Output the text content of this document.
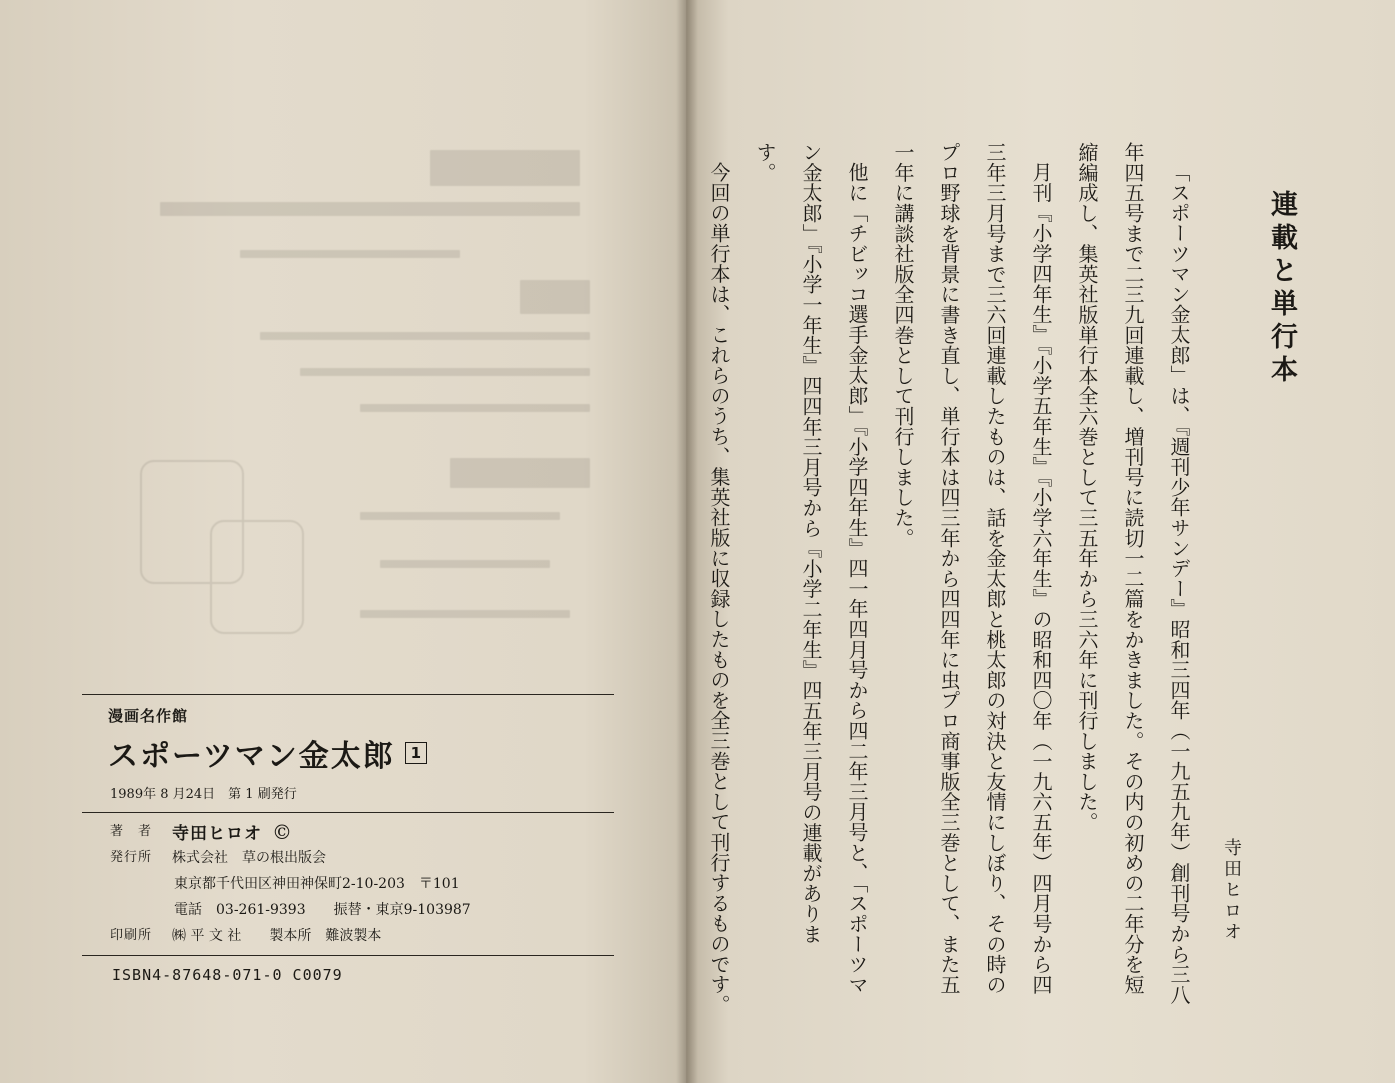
漫画名作館
スポーツマン金太郎	1
1989年 8 月24日　第 1 刷発行
著　者 寺田ヒロオ ©
発行所 株式会社　草の根出版会
東京都千代田区神田神保町2-10-203　〒101
電話　03-261-9393　　振替・東京9-103987
印刷所 ㈱ 平 文 社　　製本所　難波製本
ISBN4-87648-071-0 C0079
連載と単行本
「スポーツマン金太郎」は、『週刊少年サンデー』昭和三四年（一九五九年）創刊号から三八
年四五号まで二三九回連載し、増刊号に読切一二篇をかきました。その内の初めの二年分を短
縮編成し、集英社版単行本全六巻として三五年から三六年に刊行しました。
月刊『小学四年生』『小学五年生』『小学六年生』の昭和四〇年（一九六五年）四月号から四
三年三月号まで三六回連載したものは、話を金太郎と桃太郎の対決と友情にしぼり、その時の
プロ野球を背景に書き直し、単行本は四三年から四四年に虫プロ商事版全三巻として、また五
一年に講談社版全四巻として刊行しました。
他に「チビッコ選手金太郎」『小学四年生』四一年四月号から四二年三月号と、「スポーツマ
ン金太郎」『小学一年生』四四年三月号から『小学二年生』四五年三月号の連載がありま
す。
今回の単行本は、これらのうち、集英社版に収録したものを全三巻として刊行するものです。	寺田ヒロオ
